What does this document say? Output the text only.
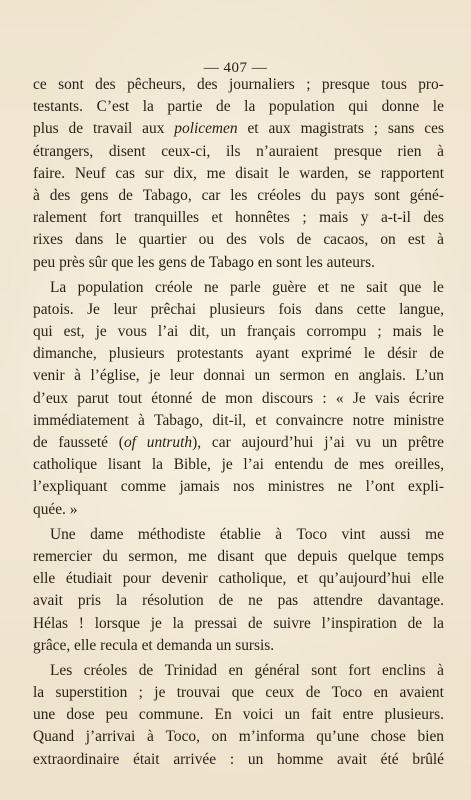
— 407 —
ce sont des pêcheurs, des journaliers ; presque tous pro-
testants. C’est la partie de la population qui donne le
plus de travail aux policemen et aux magistrats ; sans ces
étrangers, disent ceux-ci, ils n’auraient presque rien à
faire. Neuf cas sur dix, me disait le warden, se rapportent
à des gens de Tabago, car les créoles du pays sont géné-
ralement fort tranquilles et honnêtes ; mais y a-t-il des
rixes dans le quartier ou des vols de cacaos, on est à
peu
près
sûr
que
les
gens
de
Tabago
en
sont
les
auteurs.

La population créole ne parle guère et ne sait que le
patois. Je leur prêchai plusieurs fois dans cette langue,
qui est, je vous l’ai dit, un français corrompu ; mais le
dimanche, plusieurs protestants ayant exprimé le désir de
venir à l’église, je leur donnai un sermon en anglais. L’un
d’eux parut tout étonné de mon discours : « Je vais écrire
immédiatement à Tabago, dit-il, et convaincre notre ministre
de fausseté (of untruth), car aujourd’hui j’ai vu un prêtre
catholique lisant la Bible, je l’ai entendu de mes oreilles,
l’expliquant comme jamais nos ministres ne l’ont expli-
quée.
»

Une dame méthodiste établie à Toco vint aussi me
remercier du sermon, me disant que depuis quelque temps
elle étudiait pour devenir catholique, et qu’aujourd’hui elle
avait pris la résolution de ne pas attendre davantage.
Hélas ! lorsque je la pressai de suivre l’inspiration de la
grâce,
elle
recula
et
demanda
un
sursis.

Les créoles de Trinidad en général sont fort enclins à
la superstition ; je trouvai que ceux de Toco en avaient
une dose peu commune. En voici un fait entre plusieurs.
Quand j’arrivai à Toco, on m’informa qu’une chose bien
extraordinaire était arrivée : un homme avait été brûlé
